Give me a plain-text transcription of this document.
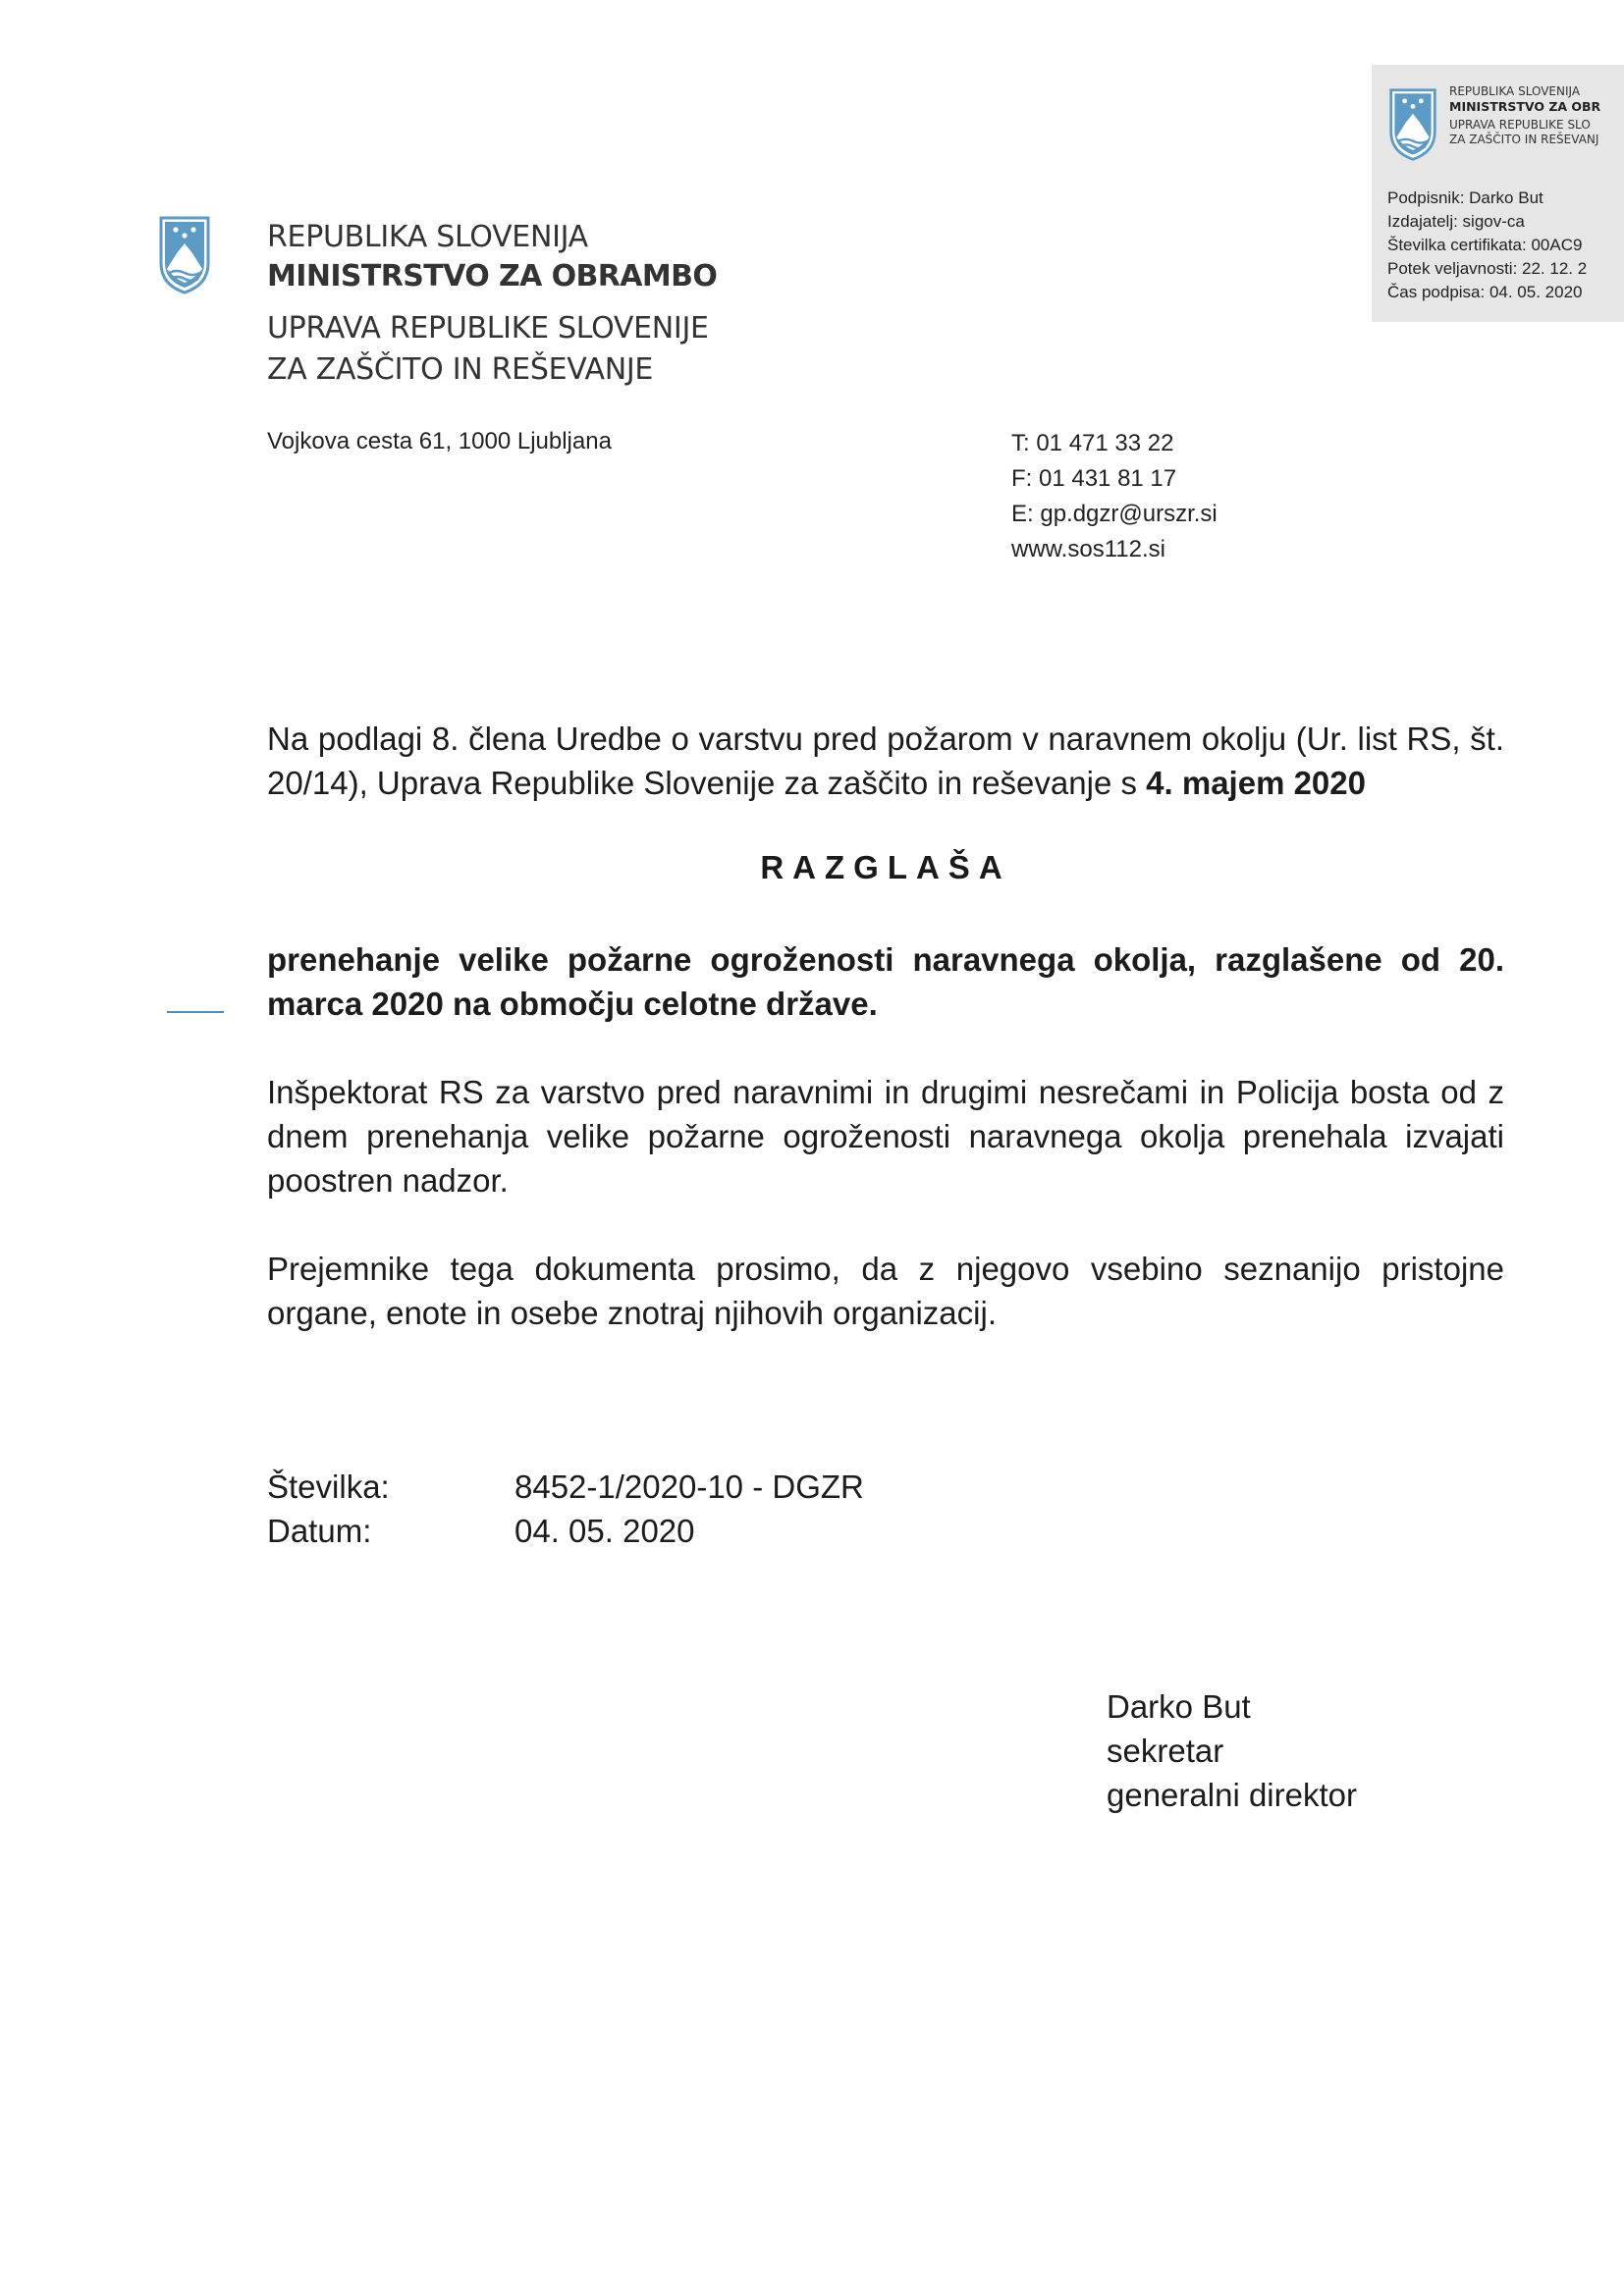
REPUBLIKA SLOVENIJA
MINISTRSTVO ZA OBR
UPRAVA REPUBLIKE SLO
ZA ZAŠČITO IN REŠEVANJ
Podpisnik: Darko But
Izdajatelj: sigov-ca
Številka certifikata: 00AC9
Potek veljavnosti: 22. 12. 2
Čas podpisa: 04. 05. 2020
REPUBLIKA SLOVENIJA
MINISTRSTVO ZA OBRAMBO
UPRAVA REPUBLIKE SLOVENIJE
ZA ZAŠČITO IN REŠEVANJE
Vojkova cesta 61, 1000 Ljubljana	T: 01 471 33 22
F: 01 431 81 17
E: gp.dgzr@urszr.si
www.sos112.si
Na podlagi 8. člena Uredbe o varstvu pred požarom v naravnem okolju (Ur. list RS, št. 20/14), Uprava Republike Slovenije za zaščito in reševanje s 4. majem 2020
RAZGLAŠA
prenehanje velike požarne ogroženosti naravnega okolja, razglašene od 20. marca 2020 na območju celotne države.
Inšpektorat RS za varstvo pred naravnimi in drugimi nesrečami in Policija bosta od z dnem prenehanja velike požarne ogroženosti naravnega okolja prenehala izvajati poostren nadzor.
Prejemnike tega dokumenta prosimo, da z njegovo vsebino seznanijo pristojne organe, enote in osebe znotraj njihovih organizacij.
Številka:	8452-1/2020-10 - DGZR
Datum:	04. 05. 2020
Darko But
sekretar
generalni direktor
